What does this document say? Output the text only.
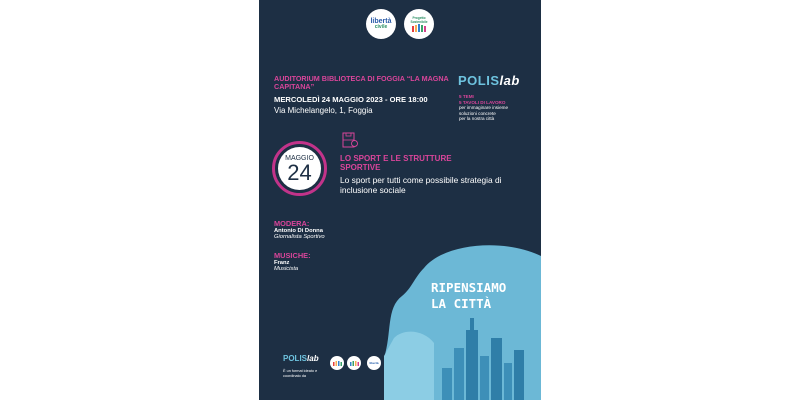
libertà
civile
Progetto Sostenibile
AUDITORIUM BIBLIOTECA DI FOGGIA “LA MAGNA CAPITANA”
MERCOLEDÌ 24 MAGGIO 2023 - ORE 18:00
Via Michelangelo, 1, Foggia
POLISlab
5 TEMI
5 TAVOLI DI LAVORO
per immaginare insieme
soluzioni concrete
per la nostra città
MAGGIO
24
LO SPORT E LE STRUTTURE SPORTIVE
Lo sport per tutti come possibile strategia di inclusione sociale
MODERA:
Antonio Di Donna
Giornalista Sportivo
MUSICHE:
Franz
Musicista
RIPENSIAMO
LA CITTÀ
POLISlab
È un format ideato e coordinato da
libertà
